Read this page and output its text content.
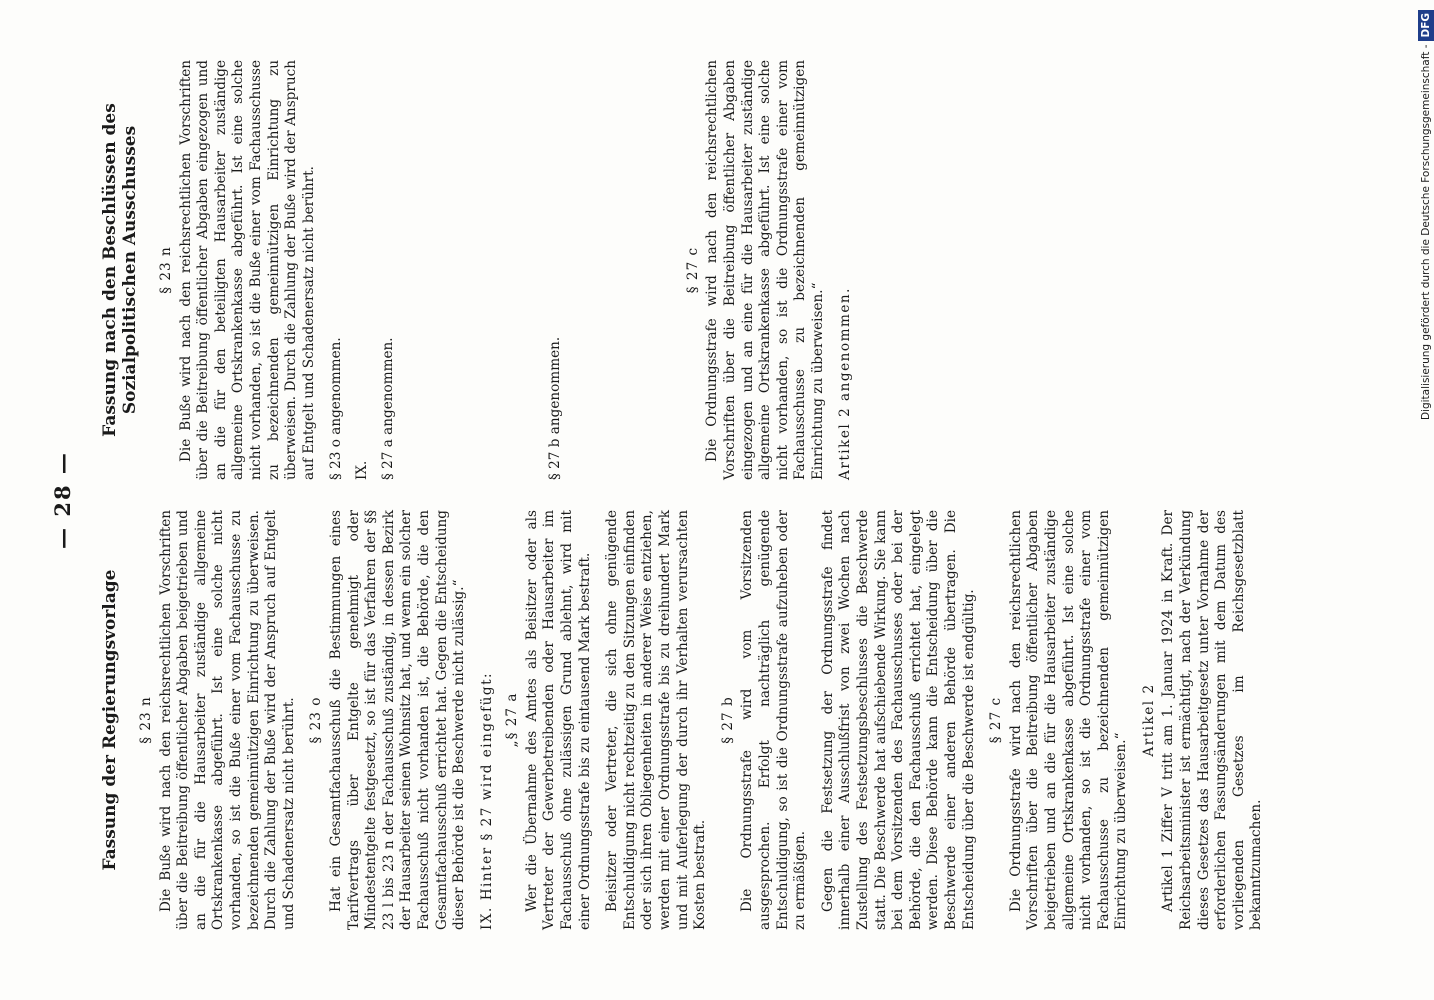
— 28 —
Fassung der Regierungsvorlage § 23 n Die Buße wird nach den reichsrechtlichen Vorschriften über die Beitreibung öffentlicher Abgaben beigetrieben und an die für die Hausarbeiter zuständige allgemeine Ortskrankenkasse abgeführt. Ist eine solche nicht vorhanden, so ist die Buße einer vom Fachausschusse zu bezeichnenden gemeinnützigen Einrichtung zu überweisen. Durch die Zahlung der Buße wird der Anspruch auf Entgelt und Schadenersatz nicht berührt. § 23 o Hat ein Gesamtfachausschuß die Bestimmungen eines Tarifvertrags über Entgelte genehmigt oder Mindestentgelte festgesetzt, so ist für das Verfahren der §§ 23 l bis 23 n der Fachausschuß zuständig, in dessen Bezirk der Hausarbeiter seinen Wohnsitz hat, und wenn ein solcher Fachausschuß nicht vorhanden ist, die Behörde, die den Gesamtfachausschuß errichtet hat. Gegen die Entscheidung dieser Behörde ist die Beschwerde nicht zulässig.“ IX. Hinter § 27 wird eingefügt: „§ 27 a Wer die Übernahme des Amtes als Beisitzer oder als Vertreter der Gewerbetreibenden oder Hausarbeiter im Fachausschuß ohne zulässigen Grund ablehnt, wird mit einer Ordnungsstrafe bis zu eintausend Mark bestraft. Beisitzer oder Vertreter, die sich ohne genügende Entschuldigung nicht rechtzeitig zu den Sitzungen einfinden oder sich ihren Obliegenheiten in anderer Weise entziehen, werden mit einer Ordnungsstrafe bis zu dreihundert Mark und mit Auferlegung der durch ihr Verhalten verursachten Kosten bestraft.

§ 27 b Die Ordnungsstrafe wird vom Vorsitzenden ausgesprochen. Erfolgt nachträglich genügende Entschuldigung, so ist die Ordnungsstrafe aufzuheben oder zu ermäßigen. Gegen die Festsetzung der Ordnungsstrafe findet innerhalb einer Ausschlußfrist von zwei Wochen nach Zustellung des Festsetzungsbeschlusses die Beschwerde statt. Die Beschwerde hat aufschiebende Wirkung. Sie kann bei dem Vorsitzenden des Fachausschusses oder bei der Behörde, die den Fachausschuß errichtet hat, eingelegt werden. Diese Behörde kann die Entscheidung über die Beschwerde einer anderen Behörde übertragen. Die Entscheidung über die Beschwerde ist endgültig. § 27 c Die Ordnungsstrafe wird nach den reichsrechtlichen Vorschriften über die Beitreibung öffentlicher Abgaben beigetrieben und an die für die Hausarbeiter zuständige allgemeine Ortskrankenkasse abgeführt. Ist eine solche nicht vorhanden, so ist die Ordnungsstrafe einer vom Fachausschusse zu bezeichnenden gemeinnützigen Einrichtung zu überweisen.“

Artikel 2 Artikel 1 Ziffer V tritt am 1. Januar 1924 in Kraft. Der Reichsarbeitsminister ist ermächtigt, nach der Verkündung dieses Gesetzes das Hausarbeitgesetz unter Vornahme der erforderlichen Fassungsänderungen mit dem Datum des vorliegenden Gesetzes im Reichsgesetzblatt bekanntzumachen.

Fassung nach den Beschlüssen des Sozialpolitischen Ausschusses § 23 n Die Buße wird nach den reichsrechtlichen Vorschriften über die Beitreibung öffentlicher Abgaben eingezogen und an die für den beteiligten Hausarbeiter zuständige allgemeine Ortskrankenkasse abgeführt. Ist eine solche nicht vorhanden, so ist die Buße einer vom Fachausschusse zu bezeichnenden gemeinnützigen Einrichtung zu überweisen. Durch die Zahlung der Buße wird der Anspruch auf Entgelt und Schadenersatz nicht berührt. § 23 o angenommen. IX. § 27 a angenommen.	§ 27 b angenommen.

§ 27 c Die Ordnungsstrafe wird nach den reichsrechtlichen Vorschriften über die Beitreibung öffentlicher Abgaben eingezogen und an eine für die Hausarbeiter zuständige allgemeine Ortskrankenkasse abgeführt. Ist eine solche nicht vorhanden, so ist die Ordnungsstrafe einer vom Fachausschusse zu bezeichnenden gemeinnützigen Einrichtung zu überweisen.“ Artikel 2 angenommen.	Digitalisierung gefördert durch die Deutsche Forschungsgemeinschaft -DFG
